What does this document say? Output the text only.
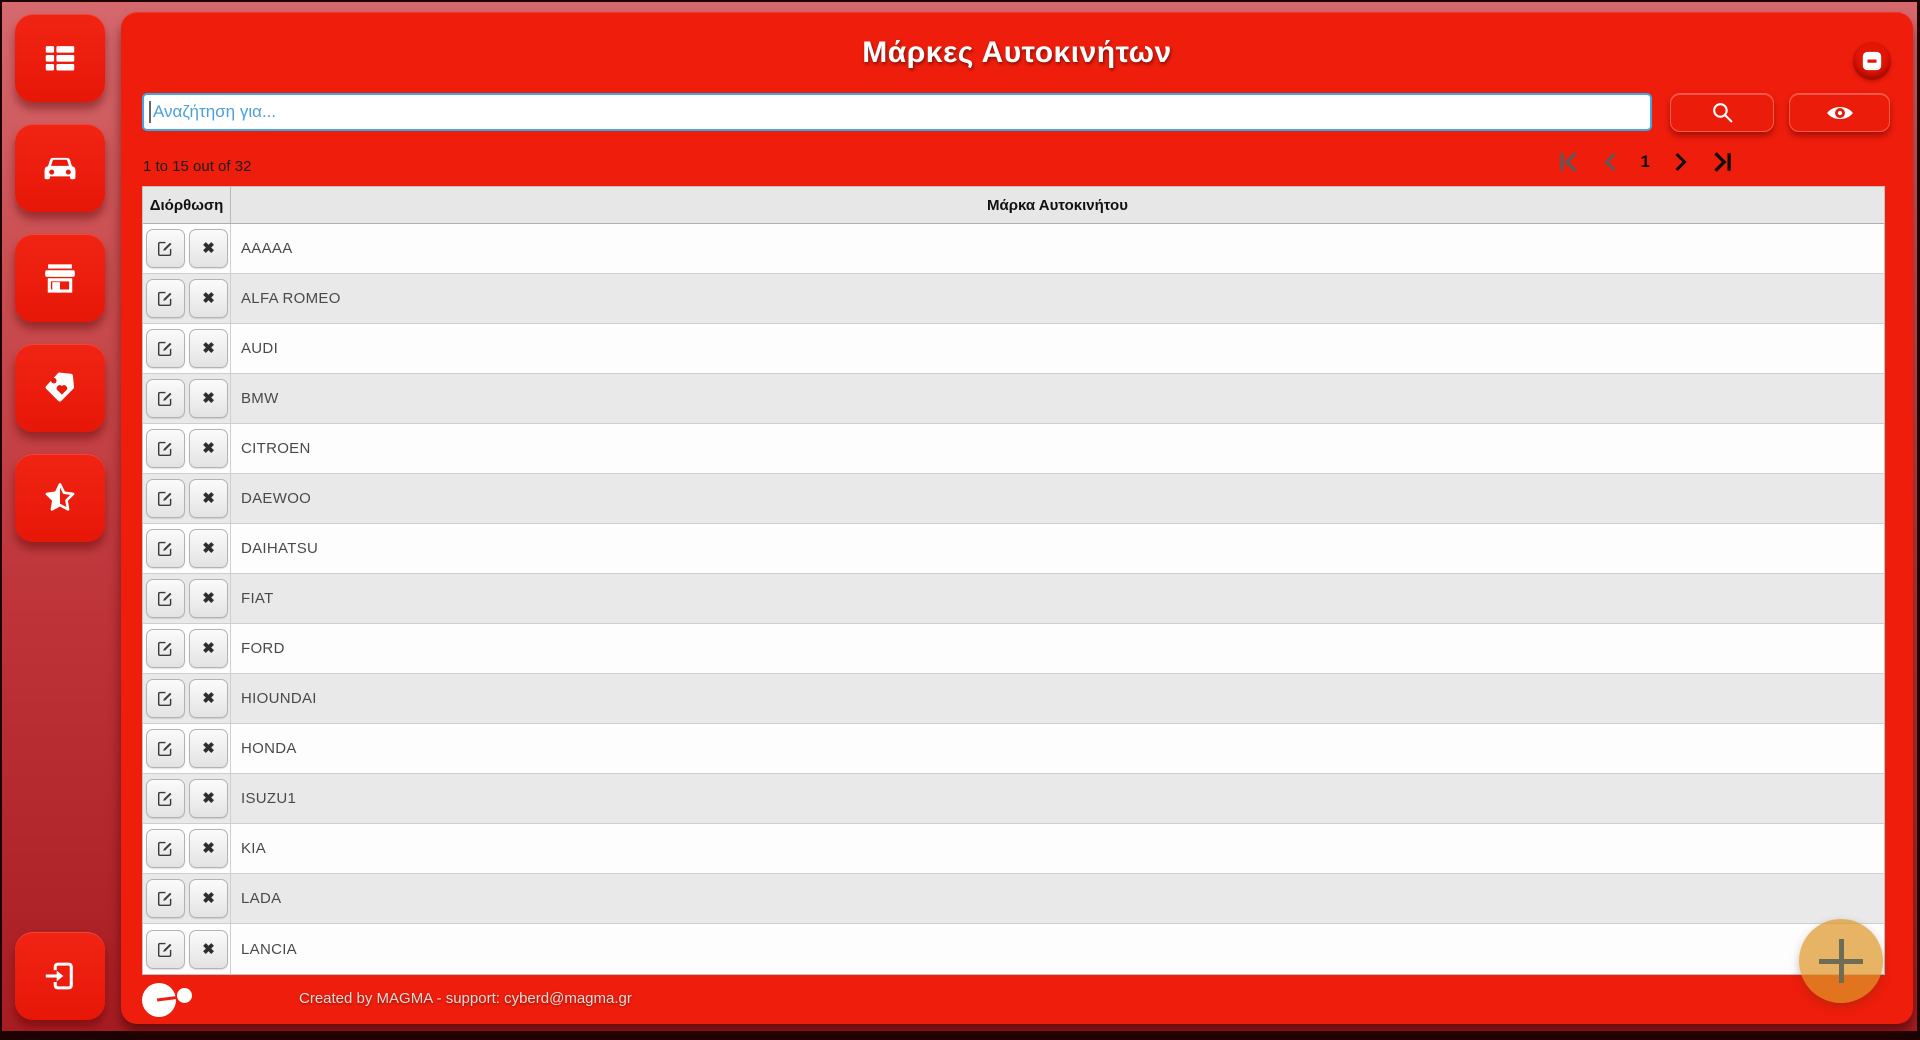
Μάρκες Αυτοκινήτων
Αναζήτηση για...
1 to 15 out of 32	1
Διόρθωση	Μάρκα Αυτοκινήτου
✖ AAAAA
✖ ALFA ROMEO
✖ AUDI
✖ BMW
✖ CITROEN
✖ DAEWOO
✖ DAIHATSU
✖ FIAT
✖ FORD
✖ HIOUNDAI
✖ HONDA
✖ ISUZU1
✖ KIA
✖ LADA
✖ LANCIA
Created by MAGMA - support: cyberd@magma.gr
